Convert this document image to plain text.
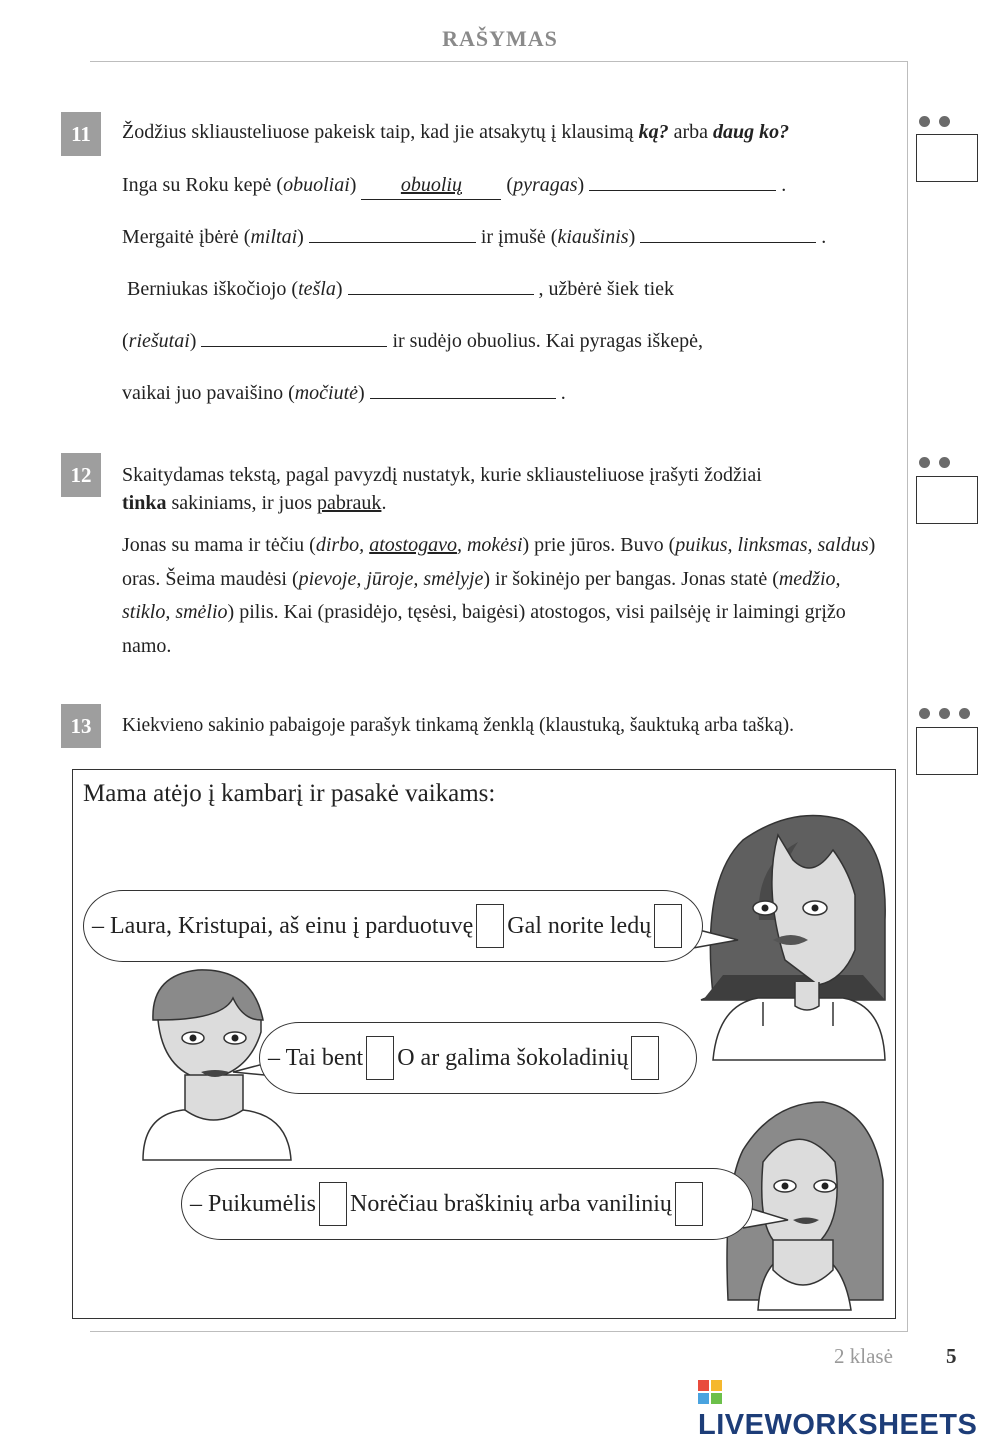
RAŠYMAS
11	Žodžius skliausteliuose pakeisk taip, kad jie atsakytų į klausimą ką? arba daug ko?
Inga su Roku kepė (obuoliai) obuolių (pyragas)	.
Mergaitė įbėrė (miltai)	ir įmušė (kiaušinis)	.
Berniukas iškočiojo (tešla)	, užbėrė šiek tiek
(riešutai)	ir sudėjo obuolius. Kai pyragas iškepė,
vaikai juo pavaišino (močiutė)	.
12	Skaitydamas tekstą, pagal pavyzdį nustatyk, kurie skliausteliuose įrašyti žodžiai
tinka sakiniams, ir juos pabrauk.
Jonas su mama ir tėčiu (dirbo, atostogavo, mokėsi) prie jūros. Buvo (puikus, linksmas, saldus) oras. Šeima maudėsi (pievoje, jūroje, smėlyje) ir šokinėjo per bangas. Jonas statė (medžio, stiklo, smėlio) pilis. Kai (prasidėjo, tęsėsi, baigėsi) atostogos, visi pailsėję ir laimingi grįžo namo.
13	Kiekvieno sakinio pabaigoje parašyk tinkamą ženklą (klaustuką, šauktuką arba tašką).
Mama atėjo į kambarį ir pasakė vaikams:
– Laura, Kristupai, aš einu į parduotuvę Gal norite ledų
– Tai bent O ar galima šokoladinių
– Puikumėlis Norėčiau braškinių arba vanilinių
2 klasė	5
LIVEWORKSHEETS
